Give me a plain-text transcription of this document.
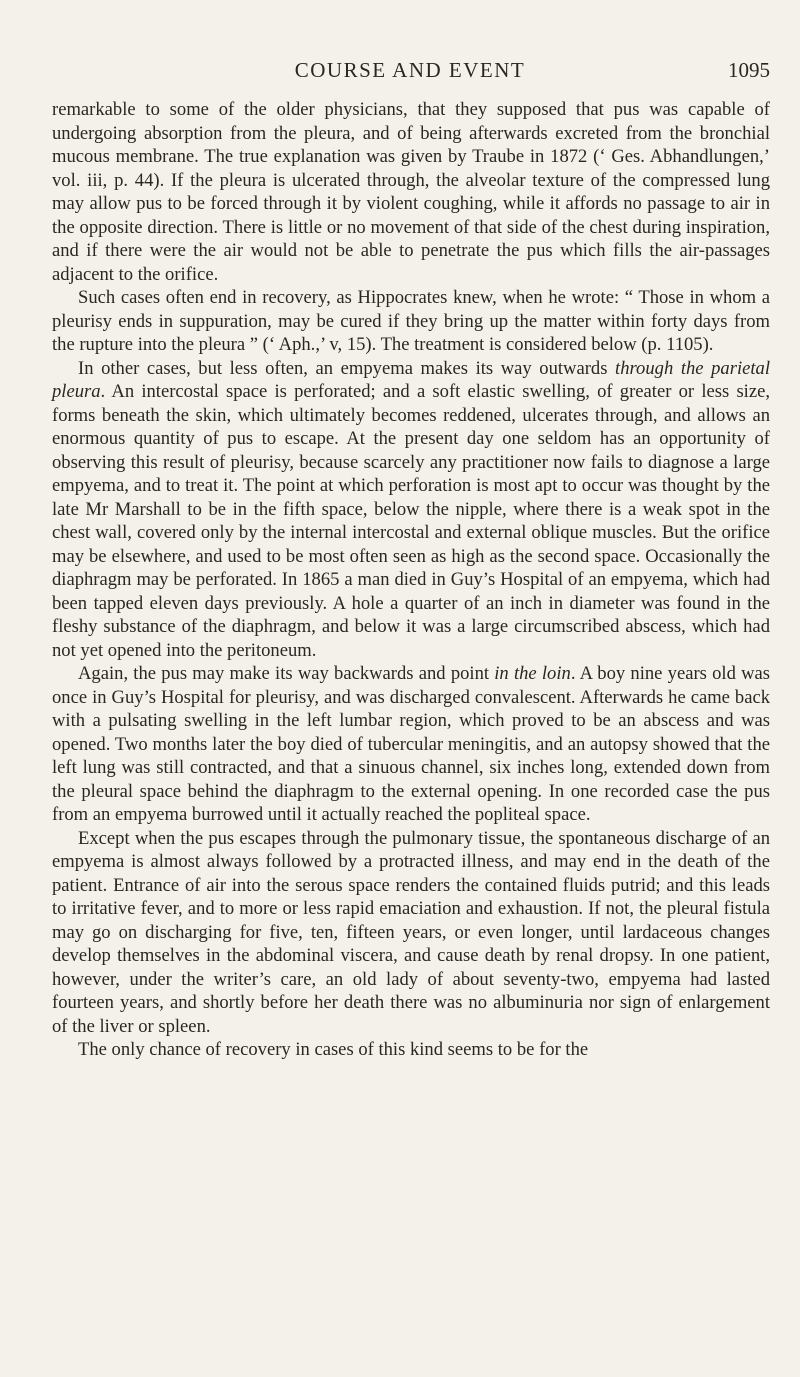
COURSE AND EVENT	1095

remarkable to some of the older physicians, that they supposed that pus was capable of undergoing absorption from the pleura, and of being afterwards excreted from the bronchial mucous membrane. The true explanation was given by Traube in 1872 (‘ Ges. Abhandlungen,’ vol. iii, p. 44). If the pleura is ulcerated through, the alveolar texture of the compressed lung may allow pus to be forced through it by violent coughing, while it affords no passage to air in the opposite direction. There is little or no movement of that side of the chest during inspiration, and if there were the air would not be able to penetrate the pus which fills the air-passages adjacent to the orifice.

Such cases often end in recovery, as Hippocrates knew, when he wrote: “ Those in whom a pleurisy ends in suppuration, may be cured if they bring up the matter within forty days from the rupture into the pleura ” (‘ Aph.,’ v, 15). The treatment is considered below (p. 1105).

In other cases, but less often, an empyema makes its way outwards through the parietal pleura. An intercostal space is perforated; and a soft elastic swelling, of greater or less size, forms beneath the skin, which ultimately becomes reddened, ulcerates through, and allows an enormous quantity of pus to escape. At the present day one seldom has an opportunity of observing this result of pleurisy, because scarcely any practitioner now fails to diagnose a large empyema, and to treat it. The point at which perforation is most apt to occur was thought by the late Mr Marshall to be in the fifth space, below the nipple, where there is a weak spot in the chest wall, covered only by the internal intercostal and external oblique muscles. But the orifice may be elsewhere, and used to be most often seen as high as the second space. Occasionally the diaphragm may be perforated. In 1865 a man died in Guy’s Hospital of an empyema, which had been tapped eleven days previously. A hole a quarter of an inch in diameter was found in the fleshy substance of the diaphragm, and below it was a large circumscribed abscess, which had not yet opened into the peritoneum.

Again, the pus may make its way backwards and point in the loin. A boy nine years old was once in Guy’s Hospital for pleurisy, and was discharged convalescent. Afterwards he came back with a pulsating swelling in the left lumbar region, which proved to be an abscess and was opened. Two months later the boy died of tubercular meningitis, and an autopsy showed that the left lung was still contracted, and that a sinuous channel, six inches long, extended down from the pleural space behind the diaphragm to the external opening. In one recorded case the pus from an empyema burrowed until it actually reached the popliteal space.

Except when the pus escapes through the pulmonary tissue, the spontaneous discharge of an empyema is almost always followed by a protracted illness, and may end in the death of the patient. Entrance of air into the serous space renders the contained fluids putrid; and this leads to irritative fever, and to more or less rapid emaciation and exhaustion. If not, the pleural fistula may go on discharging for five, ten, fifteen years, or even longer, until lardaceous changes develop themselves in the abdominal viscera, and cause death by renal dropsy. In one patient, however, under the writer’s care, an old lady of about seventy-two, empyema had lasted fourteen years, and shortly before her death there was no albuminuria nor sign of enlargement of the liver or spleen.

The only chance of recovery in cases of this kind seems to be for the
